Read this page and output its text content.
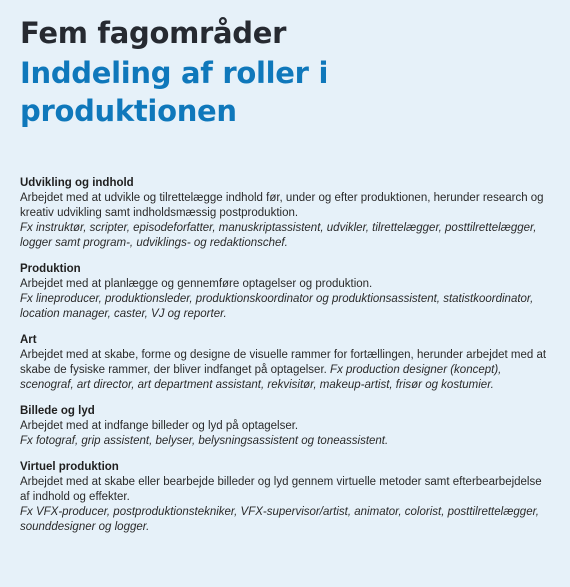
Fem fagområder
Inddeling af roller i produktionen

Udvikling og indhold

Arbejdet med at udvikle og tilrettelægge indhold før, under og efter produktionen, herunder research og kreativ udvikling samt indholdsmæssig postproduktion.

Fx instruktør, scripter, episodeforfatter, manuskriptassistent, udvikler, tilrettelægger, posttilrettelægger, logger samt program-, udviklings- og redaktionschef.

Produktion

Arbejdet med at planlægge og gennemføre optagelser og produktion.

Fx lineproducer, produktionsleder, produktionskoordinator og produktionsassistent, statistkoordinator, location manager, caster, VJ og reporter.

Art

Arbejdet med at skabe, forme og designe de visuelle rammer for fortællingen, herunder arbejdet med at skabe de fysiske rammer, der bliver indfanget på optagelser. Fx production designer (koncept), scenograf, art director, art department assistant, rekvisitør, makeup-artist, frisør og kostumier.

Billede og lyd

Arbejdet med at indfange billeder og lyd på optagelser.

Fx fotograf, grip assistent, belyser, belysningsassistent og toneassistent.

Virtuel produktion

Arbejdet med at skabe eller bearbejde billeder og lyd gennem virtuelle metoder samt efterbearbejdelse af indhold og effekter.

Fx VFX-producer, postproduktionstekniker, VFX-supervisor/artist, animator, colorist, posttilrettelægger, sounddesigner og logger.
